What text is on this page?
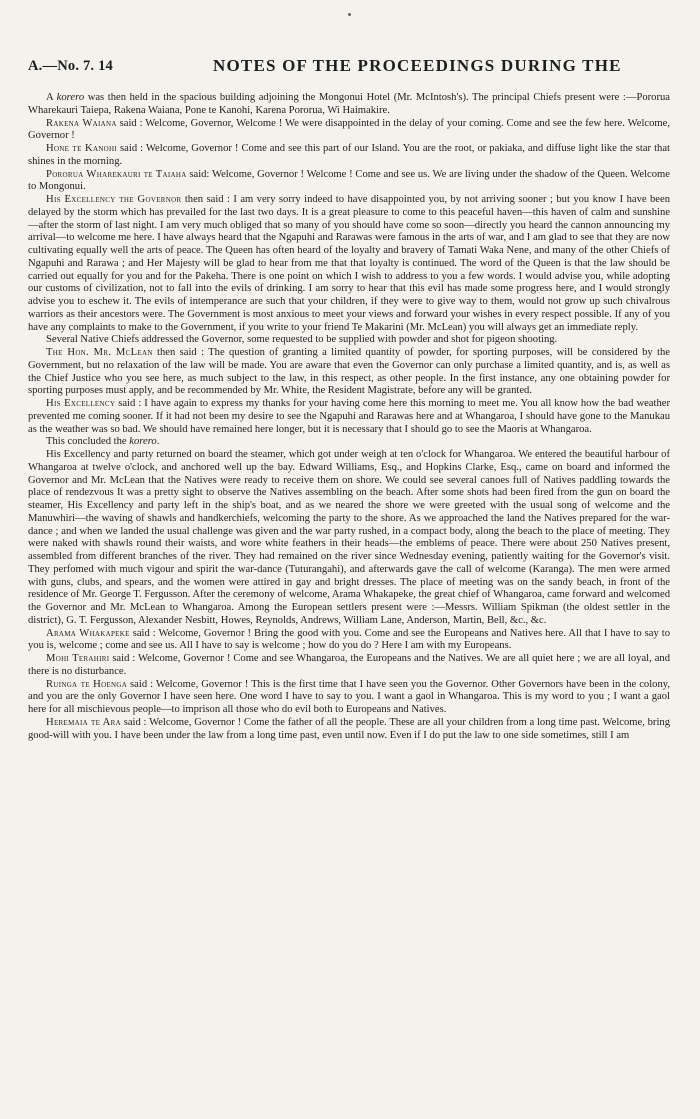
A.—No. 7. 14	NOTES OF THE PROCEEDINGS DURING THE

A korero was then held in the spacious building adjoining the Mongonui Hotel (Mr. McIntosh's). The principal Chiefs present were :—Pororua Wharekauri Taiepa, Rakena Waiana, Pone te Kanohi, Karena Pororua, Wi Haimakire.

Rakena Waiana said : Welcome, Governor, Welcome ! We were disappointed in the delay of your coming. Come and see the few here. Welcome, Governor !

Hone te Kanohi said : Welcome, Governor ! Come and see this part of our Island. You are the root, or pakiaka, and diffuse light like the star that shines in the morning.

Pororua Wharekauri te Taiaha said: Welcome, Governor ! Welcome ! Come and see us. We are living under the shadow of the Queen. Welcome to Mongonui.

His Excellency the Governor then said : I am very sorry indeed to have disappointed you, by not arriving sooner ; but you know I have been delayed by the storm which has prevailed for the last two days. It is a great pleasure to come to this peaceful haven—this haven of calm and sunshine—after the storm of last night. I am very much obliged that so many of you should have come so soon—directly you heard the cannon announcing my arrival—to welcome me here. I have always heard that the Ngapuhi and Rarawas were famous in the arts of war, and I am glad to see that they are now cultivating equally well the arts of peace. The Queen has often heard of the loyalty and bravery of Tamati Waka Nene, and many of the other Chiefs of Ngapuhi and Rarawa ; and Her Majesty will be glad to hear from me that that loyalty is continued. The word of the Queen is that the law should be carried out equally for you and for the Pakeha. There is one point on which I wish to address to you a few words. I would advise you, while adopting our customs of civilization, not to fall into the evils of drinking. I am sorry to hear that this evil has made some progress here, and I would strongly advise you to eschew it. The evils of intemperance are such that your children, if they were to give way to them, would not grow up such chivalrous warriors as their ancestors were. The Government is most anxious to meet your views and forward your wishes in every respect possible. If any of you have any complaints to make to the Government, if you write to your friend Te Makarini (Mr. McLean) you will always get an immediate reply.

Several Native Chiefs addressed the Governor, some requested to be supplied with powder and shot for pigeon shooting.

The Hon. Mr. McLean then said : The question of granting a limited quantity of powder, for sporting purposes, will be considered by the Government, but no relaxation of the law will be made. You are aware that even the Governor can only purchase a limited quantity, and is, as well as the Chief Justice who you see here, as much subject to the law, in this respect, as other people. In the first instance, any one obtaining powder for sporting purposes must apply, and be recommended by Mr. White, the Resident Magistrate, before any will be granted.

His Excellency said : I have again to express my thanks for your having come here this morning to meet me. You all know how the bad weather prevented me coming sooner. If it had not been my desire to see the Ngapuhi and Rarawas here and at Whangaroa, I should have gone to the Manukau as the weather was so bad. We should have remained here longer, but it is necessary that I should go to see the Maoris at Whangaroa.

This concluded the korero.

His Excellency and party returned on board the steamer, which got under weigh at ten o'clock for Whangaroa. We entered the beautiful harbour of Whangaroa at twelve o'clock, and anchored well up the bay. Edward Williams, Esq., and Hopkins Clarke, Esq., came on board and informed the Governor and Mr. McLean that the Natives were ready to receive them on shore. We could see several canoes full of Natives paddling towards the place of rendezvous It was a pretty sight to observe the Natives assembling on the beach. After some shots had been fired from the gun on board the steamer, His Excellency and party left in the ship's boat, and as we neared the shore we were greeted with the usual song of welcome and the Manuwhiri—the waving of shawls and handkerchiefs, welcoming the party to the shore. As we approached the land the Natives prepared for the war-dance ; and when we landed the usual challenge was given and the war party rushed, in a compact body, along the beach to the place of meeting. They were naked with shawls round their waists, and wore white feathers in their heads—the emblems of peace. There were about 250 Natives present, assembled from different branches of the river. They had remained on the river since Wednesday evening, patiently waiting for the Governor's visit. They perfomed with much vigour and spirit the war-dance (Tuturangahi), and afterwards gave the call of welcome (Karanga). The men were armed with guns, clubs, and spears, and the women were attired in gay and bright dresses. The place of meeting was on the sandy beach, in front of the residence of Mr. George T. Fergusson. After the ceremony of welcome, Arama Whakapeke, the great chief of Whangaroa, came forward and welcomed the Governor and Mr. McLean to Whangaroa. Among the European settlers present were :—Messrs. William Spikman (the oldest settler in the district), G. T. Fergusson, Alexander Nesbitt, Howes, Reynolds, Andrews, William Lane, Anderson, Martin, Bell, &c., &c.

Arama Whakapeke said : Welcome, Governor ! Bring the good with you. Come and see the Europeans and Natives here. All that I have to say to you is, welcome ; come and see us. All I have to say is welcome ; how do you do ? Here I am with my Europeans.

Mohi Terahiri said : Welcome, Governor ! Come and see Whangaroa, the Europeans and the Natives. We are all quiet here ; we are all loyal, and there is no disturbance.

Ruinga te Hoenga said : Welcome, Governor ! This is the first time that I have seen you the Governor. Other Governors have been in the colony, and you are the only Governor I have seen here. One word I have to say to you. I want a gaol in Whangaroa. This is my word to you ; I want a gaol here for all mischievous people—to imprison all those who do evil both to Europeans and Natives.

Heremaia te Ara said : Welcome, Governor ! Come the father of all the people. These are all your children from a long time past. Welcome, bring good-will with you. I have been under the law from a long time past, even until now. Even if I do put the law to one side sometimes, still I am
